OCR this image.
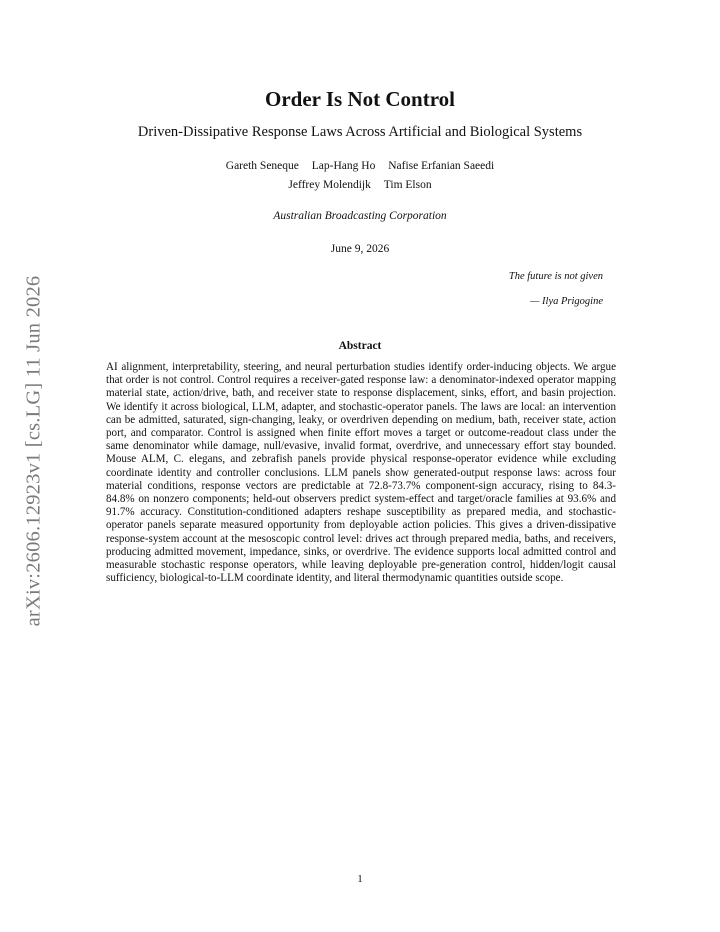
arXiv:2606.12923v1 [cs.LG] 11 Jun 2026
Order Is Not Control
Driven-Dissipative Response Laws Across Artificial and Biological Systems
Gareth Seneque Lap-Hang Ho Nafise Erfanian Saeedi
Jeffrey Molendijk Tim Elson
Australian Broadcasting Corporation
June 9, 2026
The future is not given
— Ilya Prigogine
Abstract
AI alignment, interpretability, steering, and neural perturbation studies identify order-inducing objects. We argue that order is not control. Control requires a receiver-gated response law: a denominator-indexed operator mapping material state, action/drive, bath, and receiver state to response displacement, sinks, effort, and basin projection. We identify it across biological, LLM, adapter, and stochastic-operator panels. The laws are local: an intervention can be admitted, saturated, sign-changing, leaky, or overdriven depending on medium, bath, receiver state, action port, and comparator. Control is assigned when finite effort moves a target or outcome-readout class under the same denominator while damage, null/evasive, invalid format, overdrive, and unnecessary effort stay bounded. Mouse ALM, C. elegans, and zebrafish panels provide physical response-operator evidence while excluding coordinate identity and controller conclusions. LLM panels show generated-output response laws: across four material conditions, response vectors are predictable at 72.8-73.7% component-sign accuracy, rising to 84.3-84.8% on nonzero components; held-out observers predict system-effect and target/oracle families at 93.6% and 91.7% accuracy. Constitution-conditioned adapters reshape susceptibility as prepared media, and stochastic-operator panels separate measured opportunity from deployable action policies. This gives a driven-dissipative response-system account at the mesoscopic control level: drives act through prepared media, baths, and receivers, producing admitted movement, impedance, sinks, or overdrive. The evidence supports local admitted control and measurable stochastic response operators, while leaving deployable pre-generation control, hidden/logit causal sufficiency, biological-to-LLM coordinate identity, and literal thermodynamic quantities outside scope.
1
